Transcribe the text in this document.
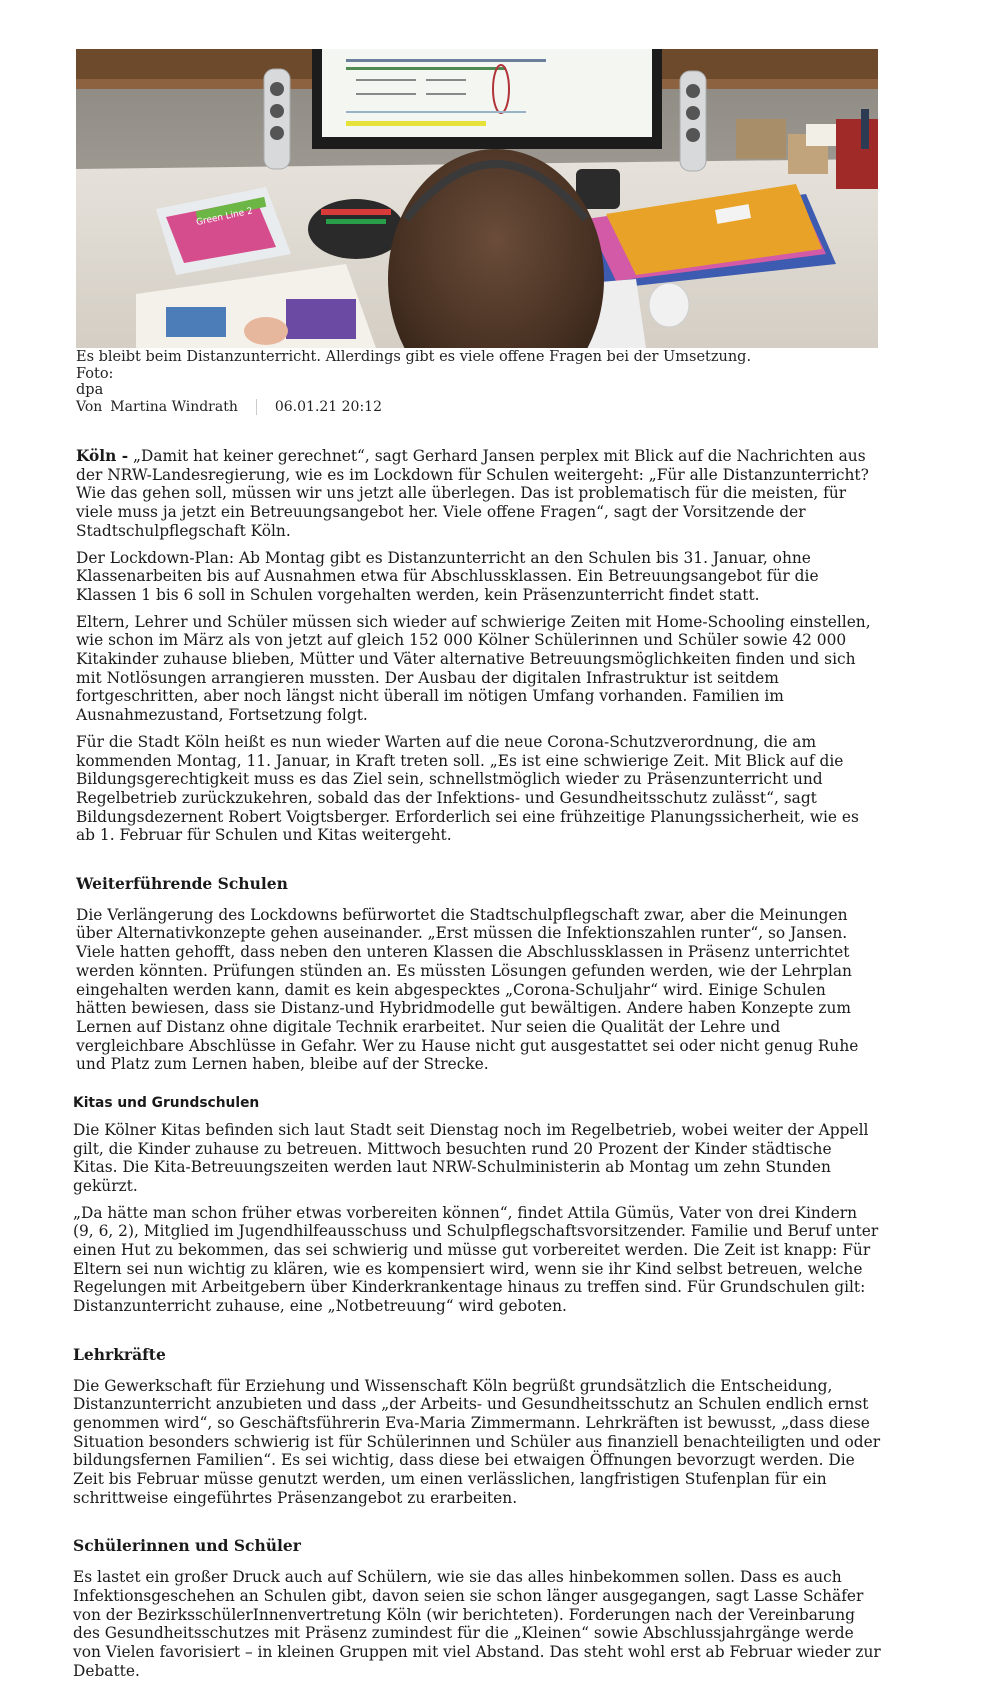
Green Line 2
Es bleibt beim Distanzunterricht. Allerdings gibt es viele offene Fragen bei der Umsetzung.
Foto:
dpa
Von Martina Windrath	06.01.21 20:12

Köln - „Damit hat keiner gerechnet“, sagt Gerhard Jansen perplex mit Blick auf die Nachrichten aus der NRW-Landesregierung, wie es im Lockdown für Schulen weitergeht: „Für alle Distanzunterricht? Wie das gehen soll, müssen wir uns jetzt alle überlegen. Das ist problematisch für die meisten, für viele muss ja jetzt ein Betreuungsangebot her. Viele offene Fragen“, sagt der Vorsitzende der Stadtschulpflegschaft Köln.

Der Lockdown-Plan: Ab Montag gibt es Distanzunterricht an den Schulen bis 31. Januar, ohne Klassenarbeiten bis auf Ausnahmen etwa für Abschlussklassen. Ein Betreuungsangebot für die Klassen 1 bis 6 soll in Schulen vorgehalten werden, kein Präsenzunterricht findet statt.

Eltern, Lehrer und Schüler müssen sich wieder auf schwierige Zeiten mit Home-Schooling einstellen, wie schon im März als von jetzt auf gleich 152 000 Kölner Schülerinnen und Schüler sowie 42 000 Kitakinder zuhause blieben, Mütter und Väter alternative Betreuungsmöglichkeiten finden und sich mit Notlösungen arrangieren mussten. Der Ausbau der digitalen Infrastruktur ist seitdem fortgeschritten, aber noch längst nicht überall im nötigen Umfang vorhanden. Familien im Ausnahmezustand, Fortsetzung folgt.

Für die Stadt Köln heißt es nun wieder Warten auf die neue Corona-Schutzverordnung, die am kommenden Montag, 11. Januar, in Kraft treten soll. „Es ist eine schwierige Zeit. Mit Blick auf die Bildungsgerechtigkeit muss es das Ziel sein, schnellstmöglich wieder zu Präsenzunterricht und Regelbetrieb zurückzukehren, sobald das der Infektions- und Gesundheitsschutz zulässt“, sagt Bildungsdezernent Robert Voigtsberger. Erforderlich sei eine frühzeitige Planungssicherheit, wie es ab 1. Februar für Schulen und Kitas weitergeht.

Weiterführende Schulen

Die Verlängerung des Lockdowns befürwortet die Stadtschulpflegschaft zwar, aber die Meinungen über Alternativkonzepte gehen auseinander. „Erst müssen die Infektionszahlen runter“, so Jansen. Viele hatten gehofft, dass neben den unteren Klassen die Abschlussklassen in Präsenz unterrichtet werden könnten. Prüfungen stünden an. Es müssten Lösungen gefunden werden, wie der Lehrplan eingehalten werden kann, damit es kein abgespecktes „Corona-Schuljahr“ wird. Einige Schulen hätten bewiesen, dass sie Distanz-und Hybridmodelle gut bewältigen. Andere haben Konzepte zum Lernen auf Distanz ohne digitale Technik erarbeitet. Nur seien die Qualität der Lehre und vergleichbare Abschlüsse in Gefahr. Wer zu Hause nicht gut ausgestattet sei oder nicht genug Ruhe und Platz zum Lernen haben, bleibe auf der Strecke.

Kitas und Grundschulen

Die Kölner Kitas befinden sich laut Stadt seit Dienstag noch im Regelbetrieb, wobei weiter der Appell gilt, die Kinder zuhause zu betreuen. Mittwoch besuchten rund 20 Prozent der Kinder städtische Kitas. Die Kita-Betreuungszeiten werden laut NRW-Schulministerin ab Montag um zehn Stunden gekürzt.

„Da hätte man schon früher etwas vorbereiten können“, findet Attila Gümüs, Vater von drei Kindern (9, 6, 2), Mitglied im Jugendhilfeausschuss und Schulpflegschaftsvorsitzender. Familie und Beruf unter einen Hut zu bekommen, das sei schwierig und müsse gut vorbereitet werden. Die Zeit ist knapp: Für Eltern sei nun wichtig zu klären, wie es kompensiert wird, wenn sie ihr Kind selbst betreuen, welche Regelungen mit Arbeitgebern über Kinderkrankentage hinaus zu treffen sind. Für Grundschulen gilt: Distanzunterricht zuhause, eine „Notbetreuung“ wird geboten.

Lehrkräfte

Die Gewerkschaft für Erziehung und Wissenschaft Köln begrüßt grundsätzlich die Entscheidung, Distanzunterricht anzubieten und dass „der Arbeits- und Gesundheitsschutz an Schulen endlich ernst genommen wird“, so Geschäftsführerin Eva-Maria Zimmermann. Lehrkräften ist bewusst, „dass diese Situation besonders schwierig ist für Schülerinnen und Schüler aus finanziell benachteiligten und oder bildungsfernen Familien“. Es sei wichtig, dass diese bei etwaigen Öffnungen bevorzugt werden. Die Zeit bis Februar müsse genutzt werden, um einen verlässlichen, langfristigen Stufenplan für ein schrittweise eingeführtes Präsenzangebot zu erarbeiten.

Schülerinnen und Schüler

Es lastet ein großer Druck auch auf Schülern, wie sie das alles hinbekommen sollen. Dass es auch Infektionsgeschehen an Schulen gibt, davon seien sie schon länger ausgegangen, sagt Lasse Schäfer von der BezirksschülerInnenvertretung Köln (wir berichteten). Forderungen nach der Vereinbarung des Gesundheitsschutzes mit Präsenz zumindest für die „Kleinen“ sowie Abschlussjahrgänge werde von Vielen favorisiert – in kleinen Gruppen mit viel Abstand. Das steht wohl erst ab Februar wieder zur Debatte.
